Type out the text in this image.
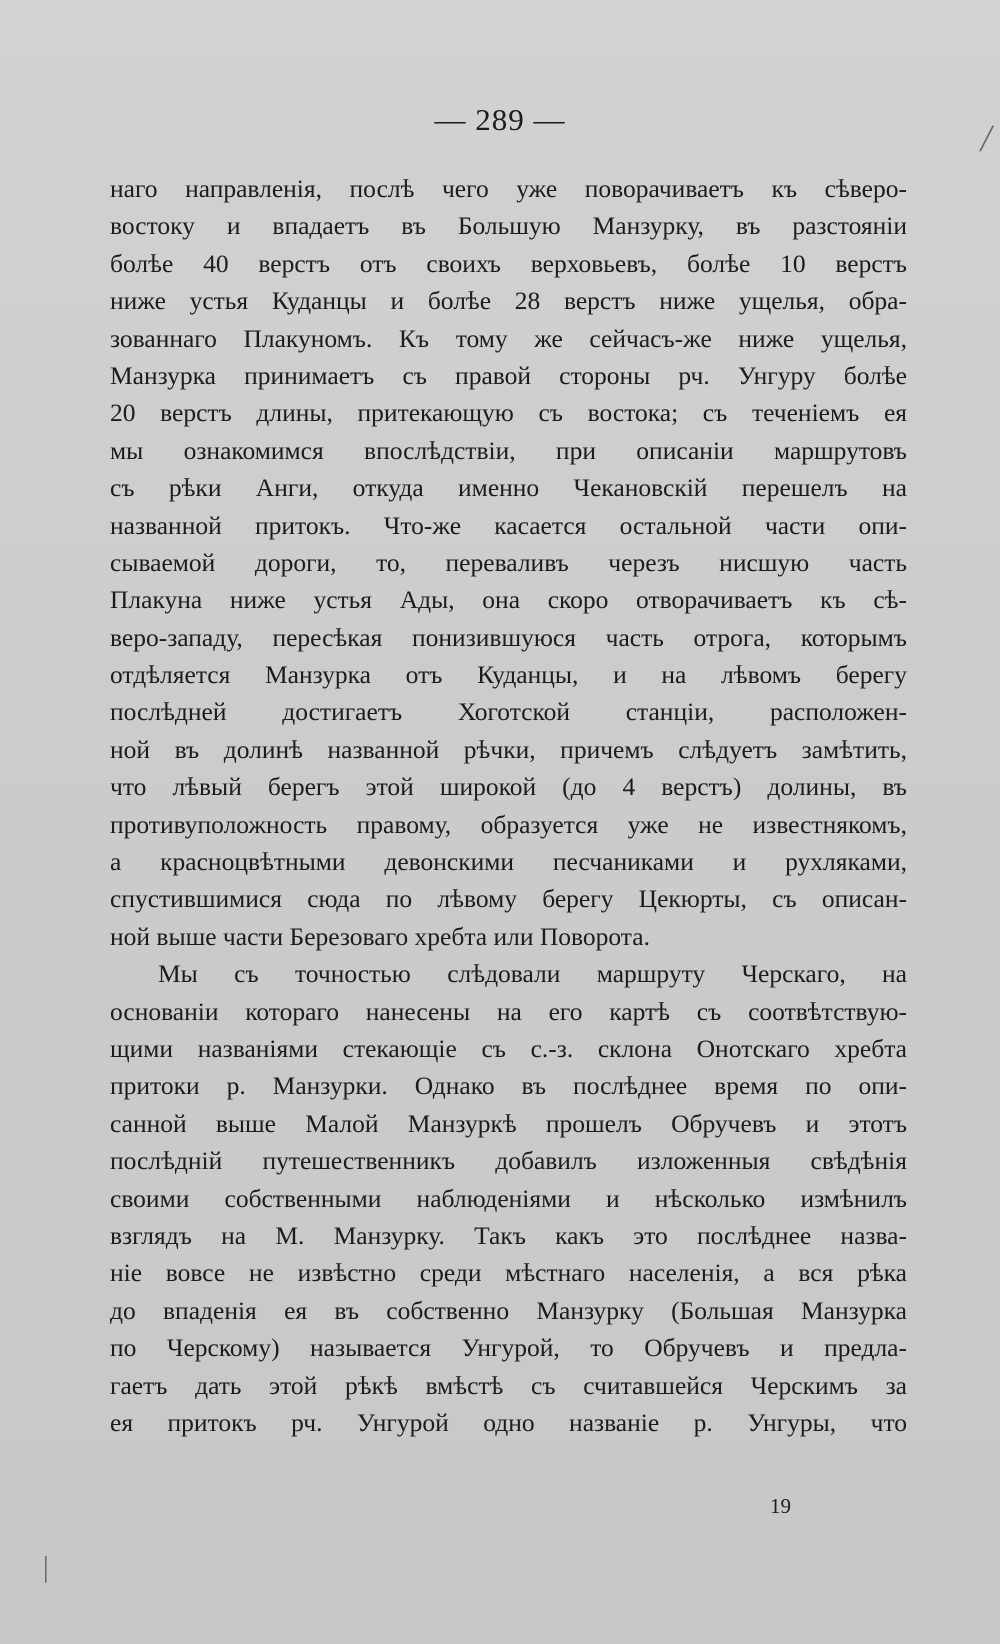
— 289 —
наго направленія, послѣ чего уже поворачиваетъ къ сѣверо-
востоку и впадаетъ въ Большую Манзурку, въ разстояніи
болѣе 40 верстъ отъ своихъ верховьевъ, болѣе 10 верстъ
ниже устья Куданцы и болѣе 28 верстъ ниже ущелья, обра-
зованнаго Плакуномъ. Къ тому же сейчасъ-же ниже ущелья,
Манзурка принимаетъ съ правой стороны рч. Унгуру болѣе
20 верстъ длины, притекающую съ востока; съ теченіемъ ея
мы ознакомимся впослѣдствіи, при описаніи маршрутовъ
съ рѣки Анги, откуда именно Чекановскій перешелъ на
названной притокъ. Что-же касается остальной части опи-
сываемой дороги, то, переваливъ черезъ нисшую часть
Плакуна ниже устья Ады, она скоро отворачиваетъ къ сѣ-
веро-западу, пересѣкая понизившуюся часть отрога, которымъ
отдѣляется Манзурка отъ Куданцы, и на лѣвомъ берегу
послѣдней достигаетъ Хоготской станціи, расположен-
ной въ долинѣ названной рѣчки, причемъ слѣдуетъ замѣтить,
что лѣвый берегъ этой широкой (до 4 верстъ) долины, въ
противуположность правому, образуется уже не известнякомъ,
а красноцвѣтными девонскими песчаниками и рухляками,
спустившимися сюда по лѣвому берегу Цекюрты, съ описан-
ной выше части Березоваго хребта или Поворота.
Мы съ точностью слѣдовали маршруту Черскаго, на
основаніи котораго нанесены на его картѣ съ соотвѣтствую-
щими названіями стекающіе съ с.-з. склона Онотскаго хребта
притоки р. Манзурки. Однако въ послѣднее время по опи-
санной выше Малой Манзуркѣ прошелъ Обручевъ и этотъ
послѣдній путешественникъ добавилъ изложенныя свѣдѣнія
своими собственными наблюденіями и нѣсколько измѣнилъ
взглядъ на М. Манзурку. Такъ какъ это послѣднее назва-
ніе вовсе не извѣстно среди мѣстнаго населенія, а вся рѣка
до впаденія ея въ собственно Манзурку (Большая Манзурка
по Черскому) называется Унгурой, то Обручевъ и предла-
гаетъ дать этой рѣкѣ вмѣстѣ съ считавшейся Черскимъ за
ея притокъ рч. Унгурой одно названіе р. Унгуры, что
19
╱
│
